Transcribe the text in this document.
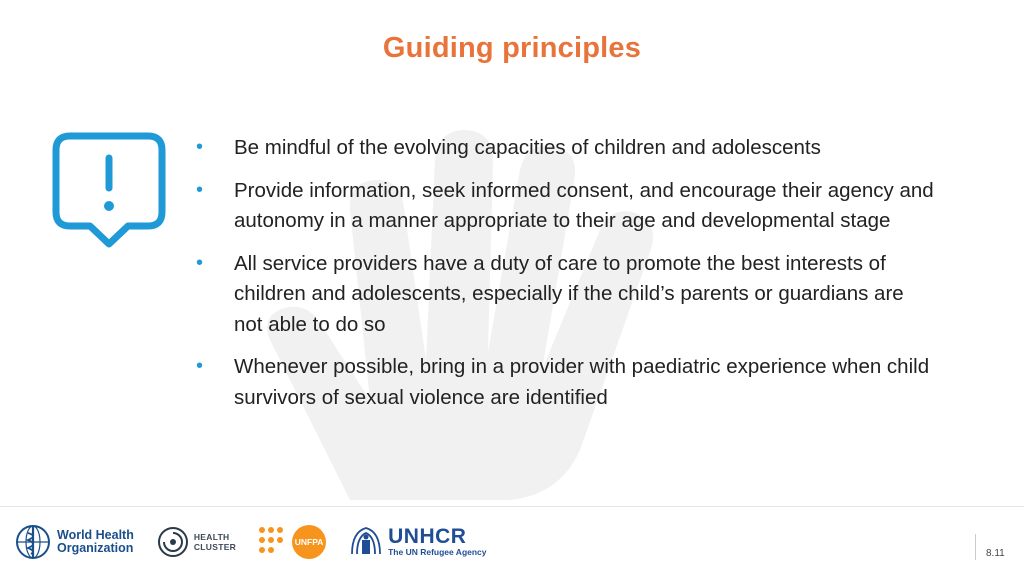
Guiding principles
• Be mindful of the evolving capacities of children and adolescents
• Provide information, seek informed consent, and encourage their agency and autonomy in a manner appropriate to their age and developmental stage
• All service providers have a duty of care to promote the best interests of children and adolescents, especially if the child’s parents or guardians are not able to do so
• Whenever possible, bring in a provider with paediatric experience when child survivors of sexual violence are identified
World Health
Organization
HEALTH
CLUSTER	UNFPA	UNHCR
The UN Refugee Agency	8.11
